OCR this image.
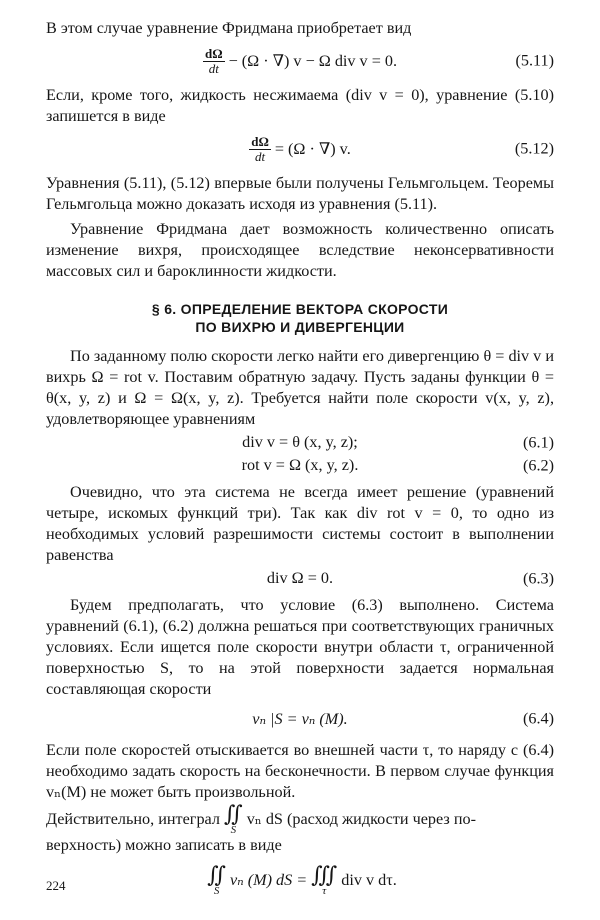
В этом случае уравнение Фридмана приобретает вид

$\frac{d\Omega}{dt} - (\Omega$ · ∇) v − Ω div v = 0.	(5.11)

Если, кроме того, жидкость несжимаема (div v = 0), уравнение (5.10) запишется в виде

$\frac{d\Omega}{dt} = (\Omega$ · ∇) v.	(5.12)

Уравнения (5.11), (5.12) впервые были получены Гельмгольцем. Теоремы Гельмгольца можно доказать исходя из уравнения (5.11).

Уравнение Фридмана дает возможность количественно описать изменение вихря, происходящее вследствие неконсервативности массовых сил и бароклинности жидкости.

§ 6. ОПРЕДЕЛЕНИЕ ВЕКТОРА СКОРОСТИ
ПО ВИХРЮ И ДИВЕРГЕНЦИИ

По заданному полю скорости легко найти его дивергенцию θ = div v и вихрь Ω = rot v. Поставим обратную задачу. Пусть заданы функции θ = θ(x, y, z) и Ω = Ω(x, y, z). Требуется найти поле скорости v(x, y, z), удовлетворяющее уравнениям

div v = θ (x, y, z);	(6.1)
rot v = Ω (x, y, z).	(6.2)

Очевидно, что эта система не всегда имеет решение (уравнений четыре, искомых функций три). Так как div rot v = 0, то одно из необходимых условий разрешимости системы состоит в выполнении равенства

div Ω = 0.	(6.3)

Будем предполагать, что условие (6.3) выполнено. Система уравнений (6.1), (6.2) должна решаться при соответствующих граничных условиях. Если ищется поле скорости внутри области τ, ограниченной поверхностью S, то на этой поверхности задается нормальная составляющая скорости

vₙ |S = vₙ (M).	(6.4)

Если поле скоростей отыскивается во внешней части τ, то наряду с (6.4) необходимо задать скорость на бесконечности. В первом случае функция vₙ(M) не может быть произвольной.

Действительно, интеграл ∬
S
vₙ dS (расход жидкости через по-

верхность) можно записать в виде

∬
S
vₙ (M) dS = ∭
τ
div v dτ.
224
